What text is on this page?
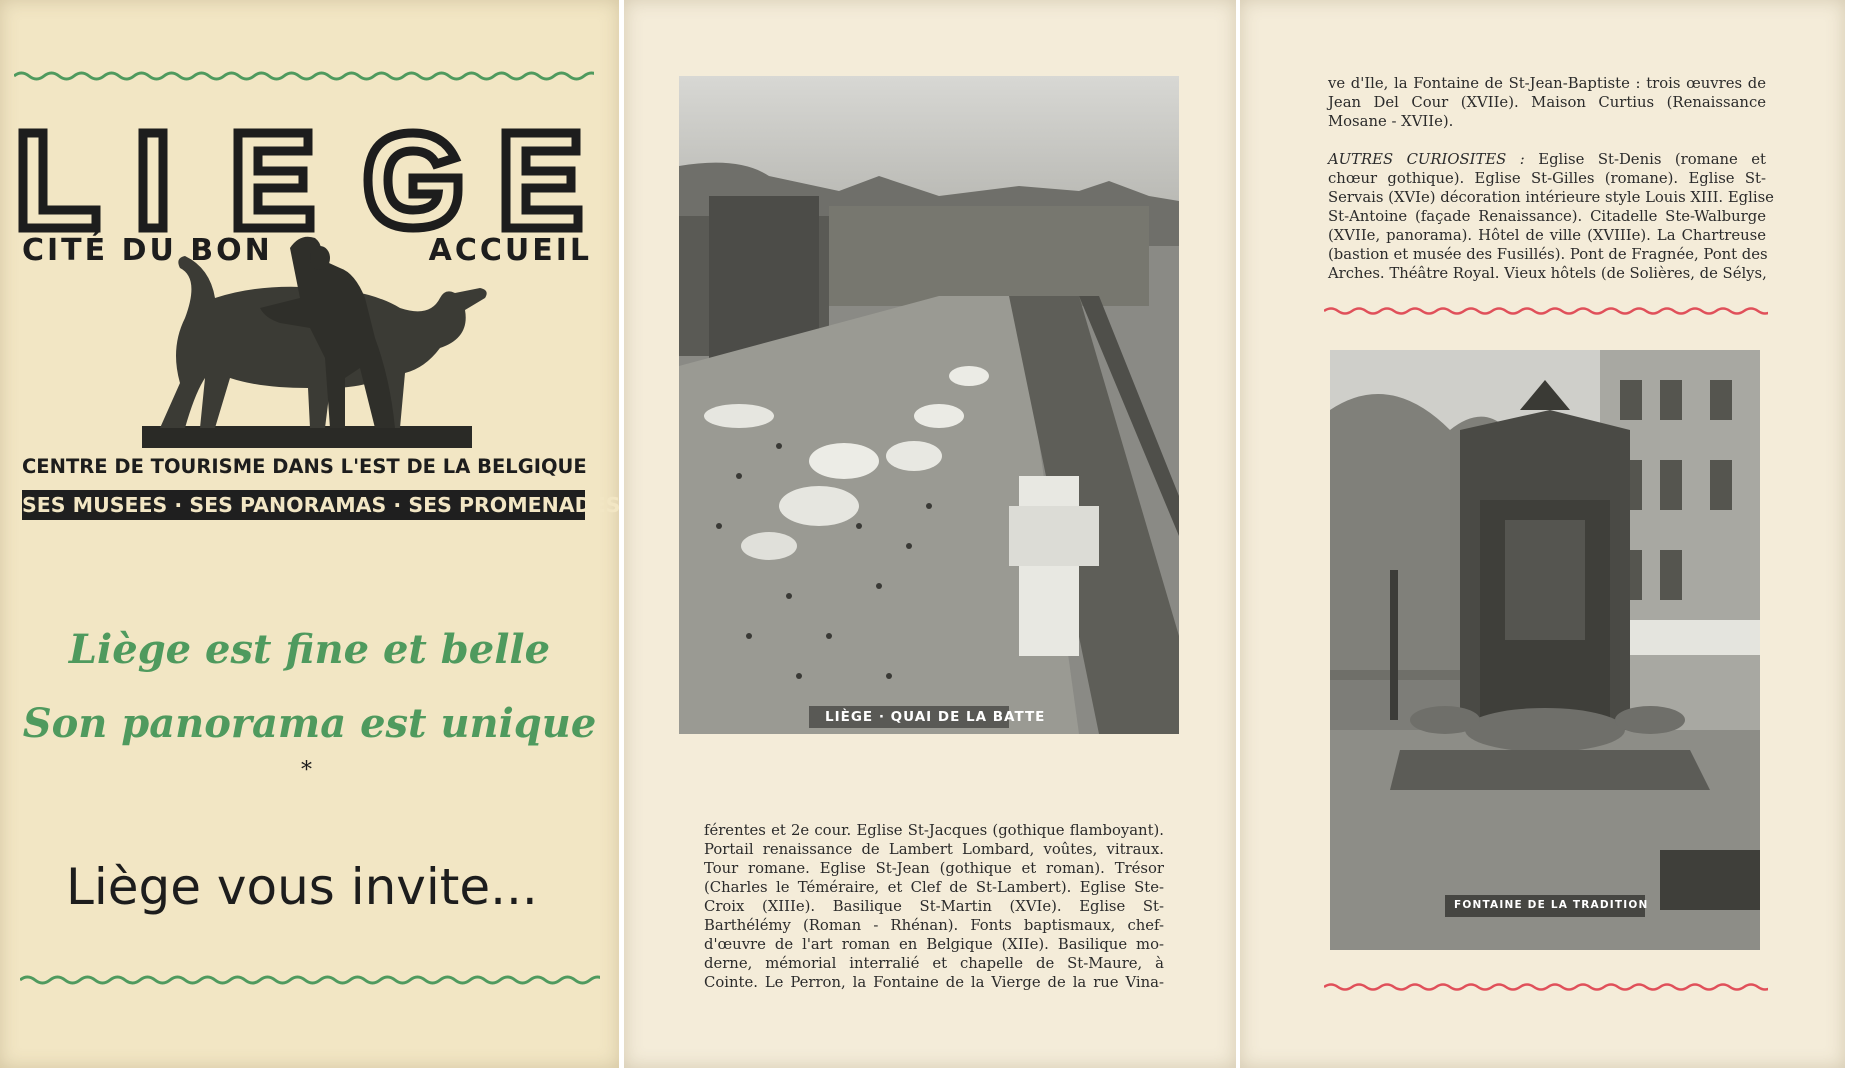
CITÉ DU BON	ACCUEIL
CENTRE DE TOURISME DANS L'EST DE LA BELGIQUE
SES MUSEES · SES PANORAMAS · SES PROMENADES
Liège est fine et belle
Son panorama est unique
*
Liège vous invite...
LIÈGE · QUAI DE LA BATTE
férentes et 2e cour. Eglise St-Jacques (gothique flamboyant).
Portail renaissance de Lambert Lombard, voûtes, vitraux.
Tour romane. Eglise St-Jean (gothique et roman). Trésor
(Charles le Téméraire, et Clef de St-Lambert). Eglise Ste-
Croix (XIIIe). Basilique St-Martin (XVIe). Eglise St-
Barthélémy (Roman - Rhénan). Fonts baptismaux, chef-
d'œuvre de l'art roman en Belgique (XIIe). Basilique mo-
derne, mémorial interralié et chapelle de St-Maure, à
Cointe. Le Perron, la Fontaine de la Vierge de la rue Vina-
ve d'Ile, la Fontaine de St-Jean-Baptiste : trois œuvres de
Jean Del Cour (XVIIe). Maison Curtius (Renaissance
Mosane - XVIIe).
AUTRES CURIOSITES : Eglise St-Denis (romane et
chœur gothique). Eglise St-Gilles (romane). Eglise St-
Servais (XVIe) décoration intérieure style Louis XIII. Eglise
St-Antoine (façade Renaissance). Citadelle Ste-Walburge
(XVIIe, panorama). Hôtel de ville (XVIIIe). La Chartreuse
(bastion et musée des Fusillés). Pont de Fragnée, Pont des
Arches. Théâtre Royal. Vieux hôtels (de Solières, de Sélys,
FONTAINE DE LA TRADITION
